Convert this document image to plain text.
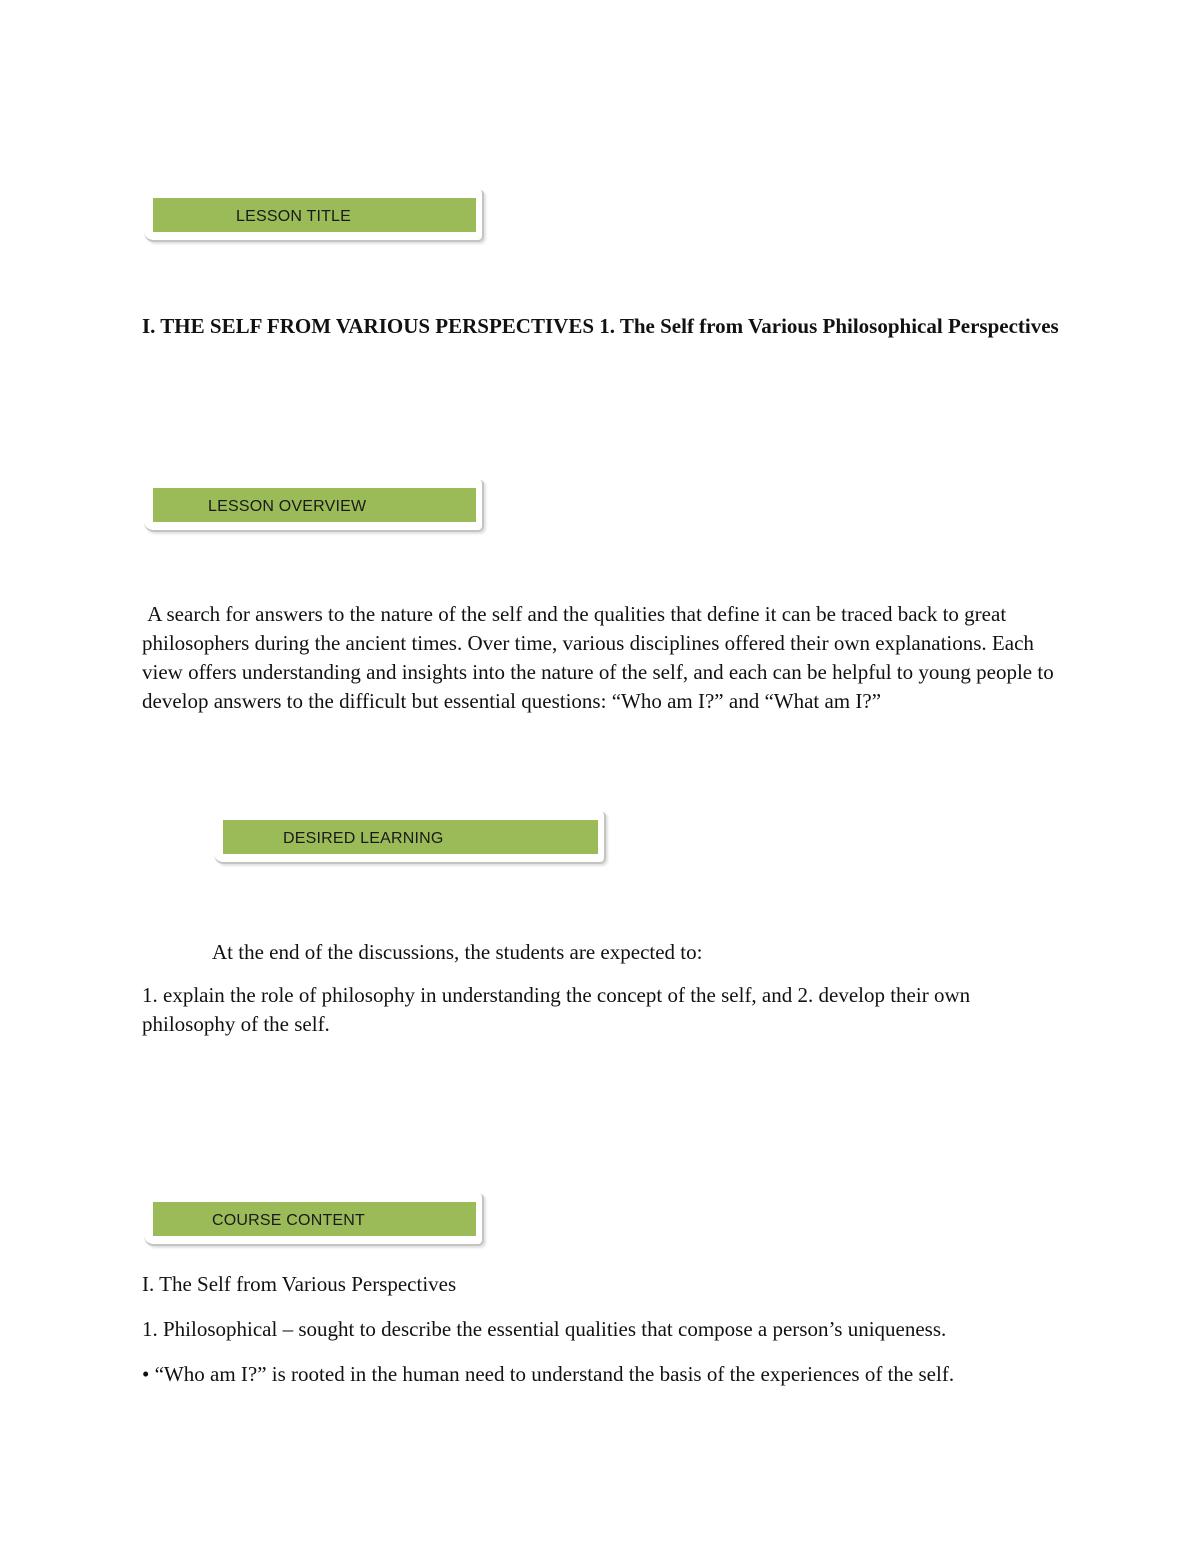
LESSON TITLE
I. THE SELF FROM VARIOUS PERSPECTIVES 1. The Self from Various Philosophical Perspectives
LESSON OVERVIEW
A search for answers to the nature of the self and the qualities that define it can be traced back to great philosophers during the ancient times. Over time, various disciplines offered their own explanations. Each view offers understanding and insights into the nature of the self, and each can be helpful to young people to develop answers to the difficult but essential questions: “Who am I?” and “What am I?”
DESIRED LEARNING
At the end of the discussions, the students are expected to:
1. explain the role of philosophy in understanding the concept of the self, and 2. develop their own philosophy of the self.
COURSE CONTENT
I. The Self from Various Perspectives
1. Philosophical – sought to describe the essential qualities that compose a person’s uniqueness.
• “Who am I?” is rooted in the human need to understand the basis of the experiences of the self.
